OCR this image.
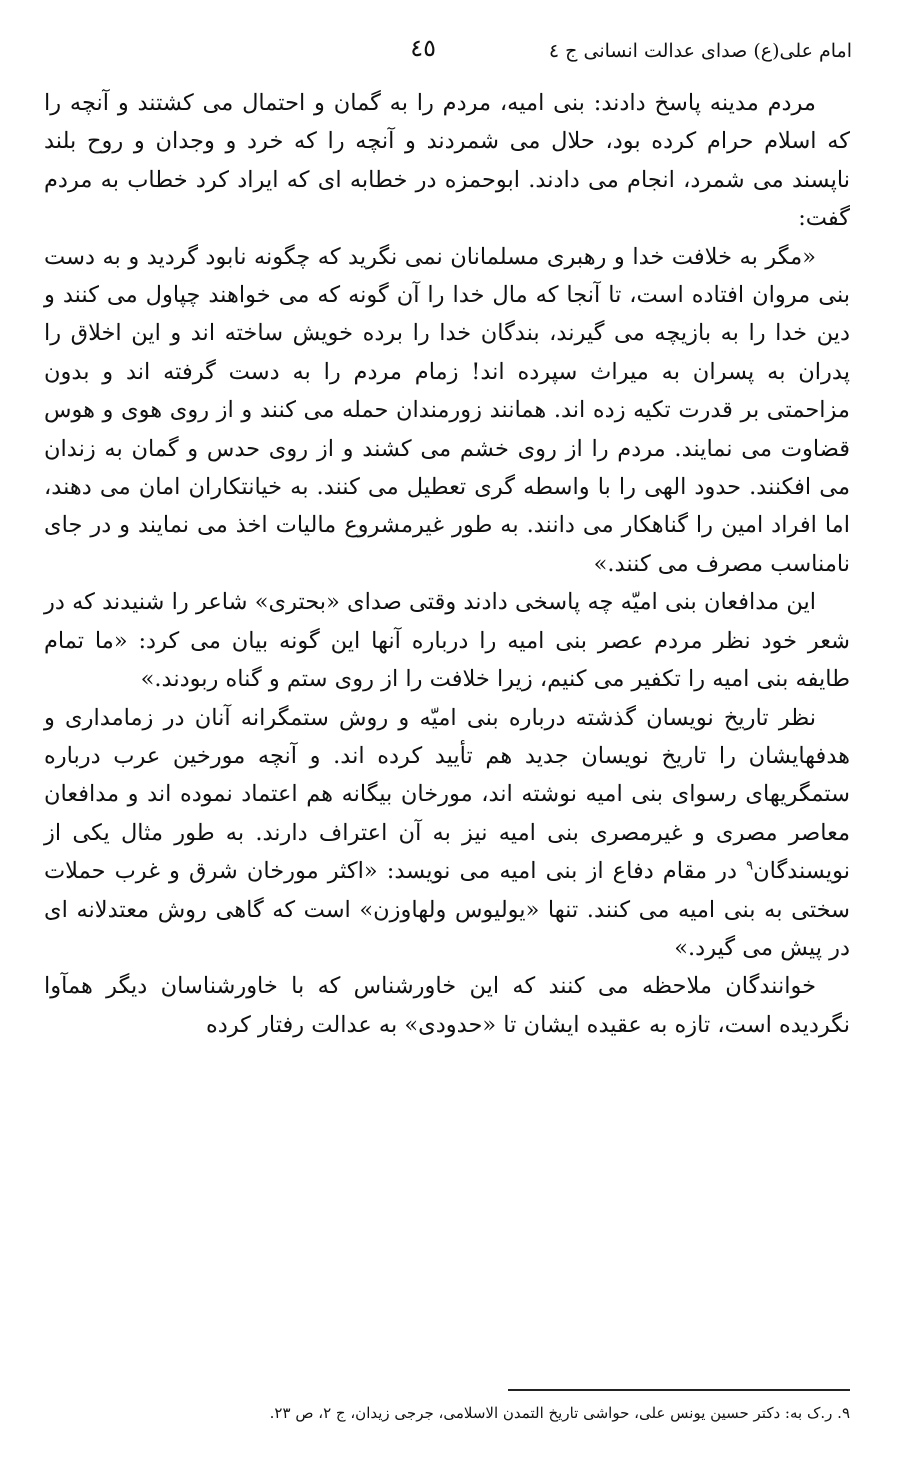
امام علی(ع) صدای عدالت انسانی ج ٤
٤٥

مردم مدینه پاسخ دادند: بنی امیه، مردم را به گمان و احتمال می کشتند و آنچه را که اسلام حرام کرده بود، حلال می شمردند و آنچه را که خرد و وجدان و روح بلند ناپسند می شمرد، انجام می دادند. ابوحمزه در خطابه ای که ایراد کرد خطاب به مردم گفت:

«مگر به خلافت خدا و رهبری مسلمانان نمی نگرید که چگونه نابود گردید و به دست بنی مروان افتاده است، تا آنجا که مال خدا را آن گونه که می خواهند چپاول می کنند و دین خدا را به بازیچه می گیرند، بندگان خدا را برده خویش ساخته اند و این اخلاق را پدران به پسران به میراث سپرده اند! زمام مردم را به دست گرفته اند و بدون مزاحمتی بر قدرت تکیه زده اند. همانند زورمندان حمله می کنند و از روی هوی و هوس قضاوت می نمایند. مردم را از روی خشم می کشند و از روی حدس و گمان به زندان می افکنند. حدود الهی را با واسطه گری تعطیل می کنند. به خیانتکاران امان می دهند، اما افراد امین را گناهکار می دانند. به طور غیرمشروع مالیات اخذ می نمایند و در جای نامناسب مصرف می کنند.»

این مدافعان بنی امیّه چه پاسخی دادند وقتی صدای «بحتری» شاعر را شنیدند که در شعر خود نظر مردم عصر بنی امیه را درباره آنها این گونه بیان می کرد: «ما تمام طایفه بنی امیه را تکفیر می کنیم، زیرا خلافت را از روی ستم و گناه ربودند.»

نظر تاریخ نویسان گذشته درباره بنی امیّه و روش ستمگرانه آنان در زمامداری و هدفهایشان را تاریخ نویسان جدید هم تأیید کرده اند. و آنچه مورخین عرب درباره ستمگریهای رسوای بنی امیه نوشته اند، مورخان بیگانه هم اعتماد نموده اند و مدافعان معاصر مصری و غیرمصری بنی امیه نیز به آن اعتراف دارند. به طور مثال یکی از نویسندگان$^٩$ در مقام دفاع از بنی امیه می نویسد: «اکثر مورخان شرق و غرب حملات سختی به بنی امیه می کنند. تنها «یولیوس ولهاوزن» است که گاهی روش معتدلانه ای در پیش می گیرد.»

خوانندگان ملاحظه می کنند که این خاورشناس که با خاورشناسان دیگر همآوا نگردیده است، تازه به عقیده ایشان تا «حدودی» به عدالت رفتار کرده

٩. ر.ک به: دکتر حسین یونس علی، حواشی تاریخ التمدن الاسلامی، جرجی زیدان، ج ٢، ص ٢٣.
